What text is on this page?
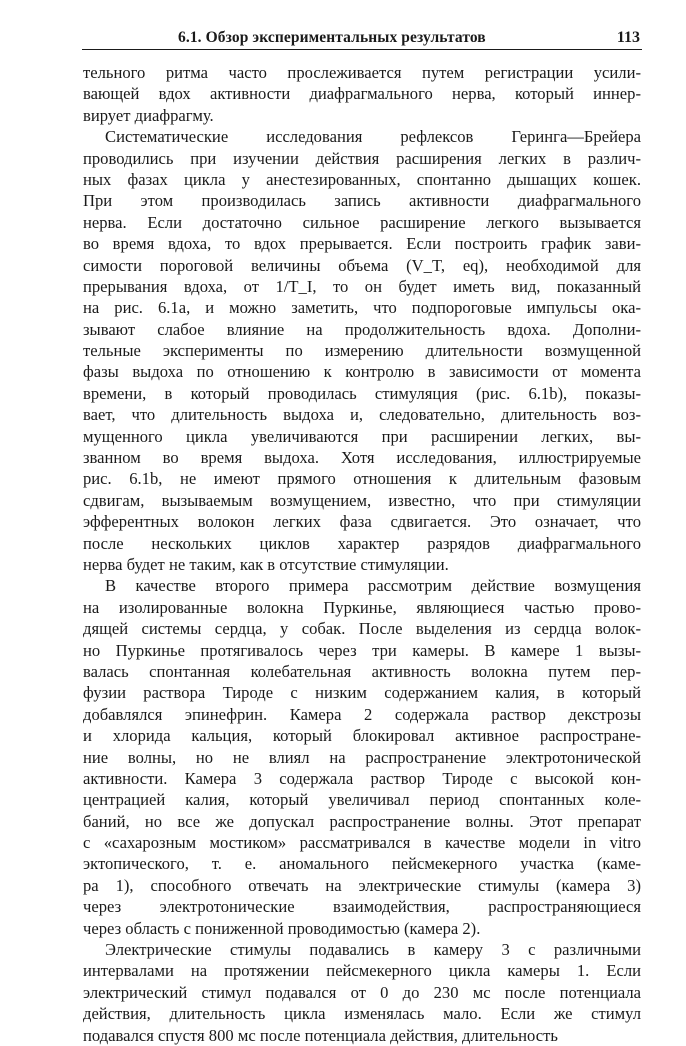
6.1. Обзор экспериментальных результатов	113

тельного ритма часто прослеживается путем регистрации усили-
вающей вдох активности диафрагмального нерва, который иннер-
вирует диафрагму.

Систематические исследования рефлексов Геринга—Брейера
проводились при изучении действия расширения легких в различ-
ных фазах цикла у анестезированных, спонтанно дышащих кошек.
При этом производилась запись активности диафрагмального
нерва. Если достаточно сильное расширение легкого вызывается
во время вдоха, то вдох прерывается. Если построить график зави-
симости пороговой величины объема (V_T, eq), необходимой для
прерывания вдоха, от 1/T_I, то он будет иметь вид, показанный
на рис. 6.1a, и можно заметить, что подпороговые импульсы ока-
зывают слабое влияние на продолжительность вдоха. Дополни-
тельные эксперименты по измерению длительности возмущенной
фазы выдоха по отношению к контролю в зависимости от момента
времени, в который проводилась стимуляция (рис. 6.1b), показы-
вает, что длительность выдоха и, следовательно, длительность воз-
мущенного цикла увеличиваются при расширении легких, вы-
званном во время выдоха. Хотя исследования, иллюстрируемые
рис. 6.1b, не имеют прямого отношения к длительным фазовым
сдвигам, вызываемым возмущением, известно, что при стимуляции
эфферентных волокон легких фаза сдвигается. Это означает, что
после нескольких циклов характер разрядов диафрагмального
нерва будет не таким, как в отсутствие стимуляции.

В качестве второго примера рассмотрим действие возмущения
на изолированные волокна Пуркинье, являющиеся частью прово-
дящей системы сердца, у собак. После выделения из сердца волок-
но Пуркинье протягивалось через три камеры. В камере 1 вызы-
валась спонтанная колебательная активность волокна путем пер-
фузии раствора Тироде с низким содержанием калия, в который
добавлялся эпинефрин. Камера 2 содержала раствор декстрозы
и хлорида кальция, который блокировал активное распростране-
ние волны, но не влиял на распространение электротонической
активности. Камера 3 содержала раствор Тироде с высокой кон-
центрацией калия, который увеличивал период спонтанных коле-
баний, но все же допускал распространение волны. Этот препарат
с «сахарозным мостиком» рассматривался в качестве модели in vitro
эктопического, т. е. аномального пейсмекерного участка (каме-
ра 1), способного отвечать на электрические стимулы (камера 3)
через электротонические взаимодействия, распространяющиеся
через область с пониженной проводимостью (камера 2).

Электрические стимулы подавались в камеру 3 с различными
интервалами на протяжении пейсмекерного цикла камеры 1. Если
электрический стимул подавался от 0 до 230 мс после потенциала
действия, длительность цикла изменялась мало. Если же стимул
подавался спустя 800 мс после потенциала действия, длительность
